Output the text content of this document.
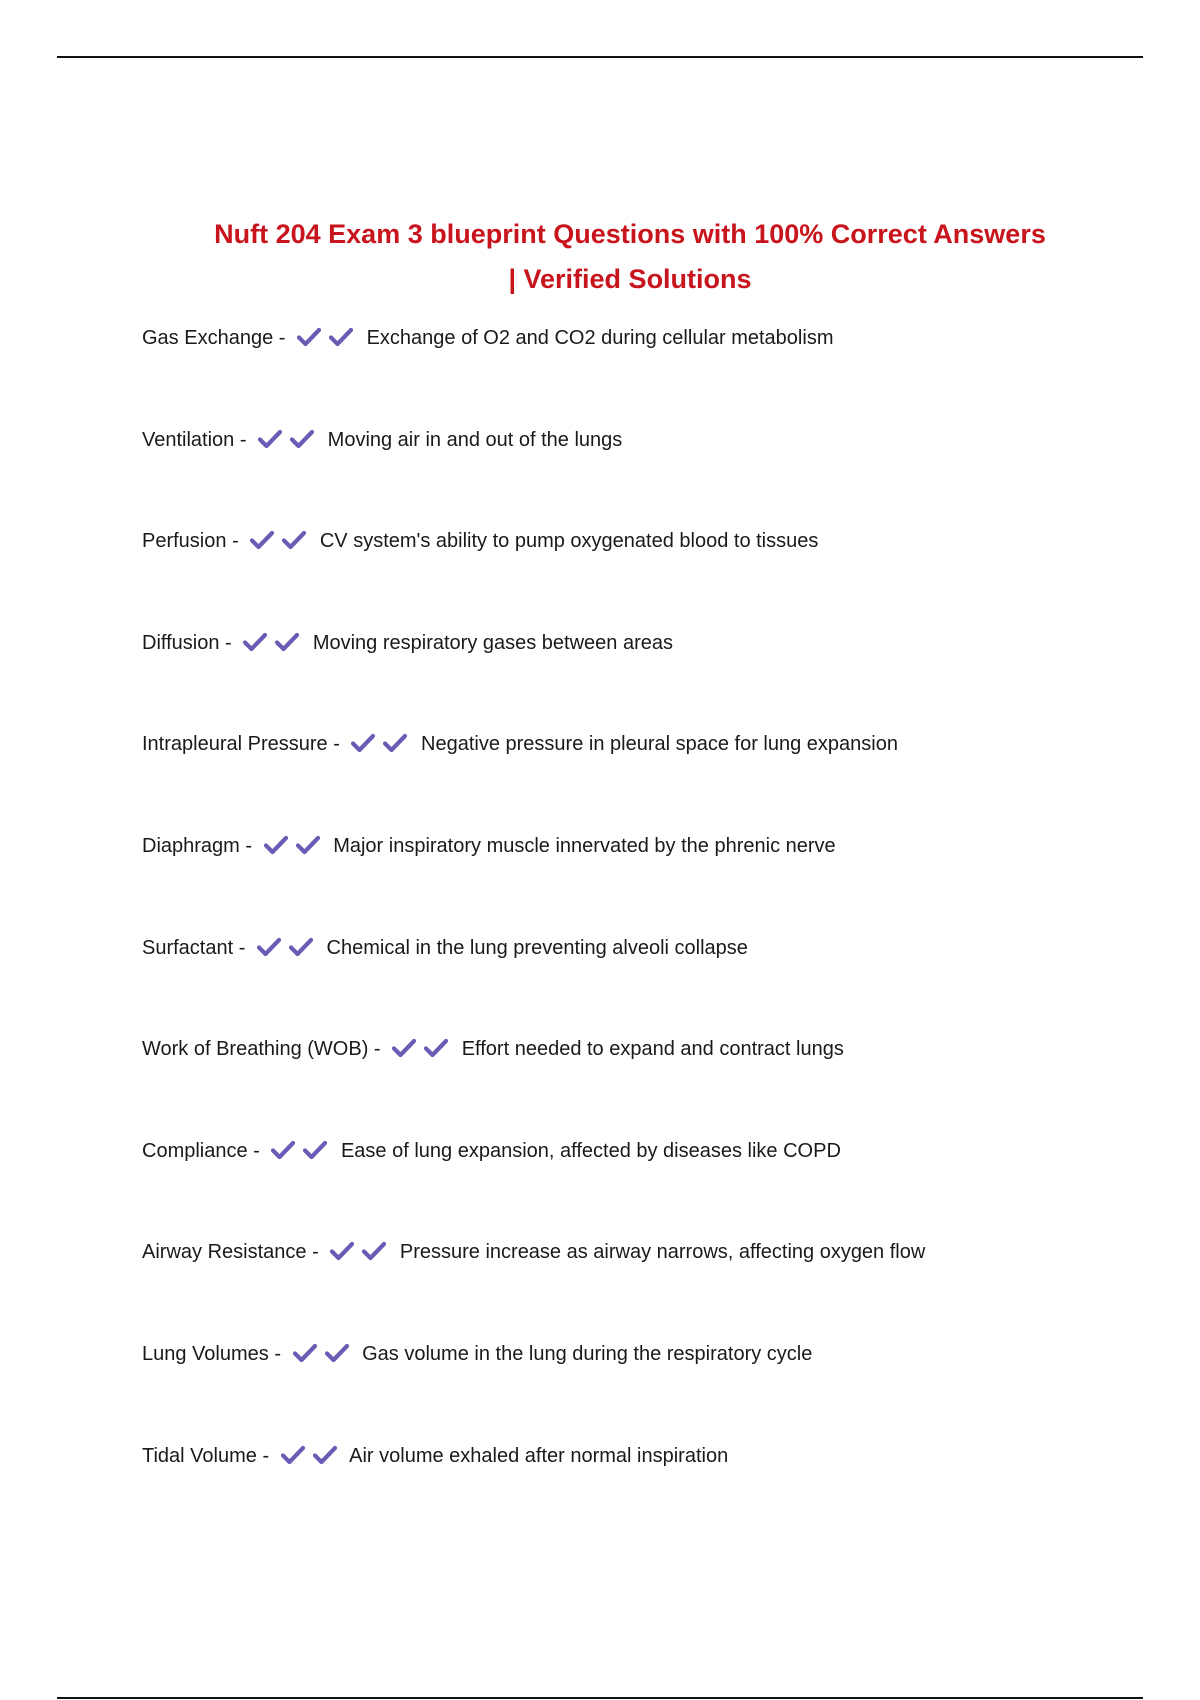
Nuft 204 Exam 3 blueprint Questions with 100% Correct Answers
| Verified Solutions
Gas Exchange -	Exchange of O2 and CO2 during cellular metabolism
Ventilation -	Moving air in and out of the lungs
Perfusion -	CV system's ability to pump oxygenated blood to tissues
Diffusion -	Moving respiratory gases between areas
Intrapleural Pressure -	Negative pressure in pleural space for lung expansion
Diaphragm -	Major inspiratory muscle innervated by the phrenic nerve
Surfactant -	Chemical in the lung preventing alveoli collapse
Work of Breathing (WOB) -	Effort needed to expand and contract lungs
Compliance -	Ease of lung expansion, affected by diseases like COPD
Airway Resistance -	Pressure increase as airway narrows, affecting oxygen flow
Lung Volumes -	Gas volume in the lung during the respiratory cycle
Tidal Volume -	Air volume exhaled after normal inspiration
